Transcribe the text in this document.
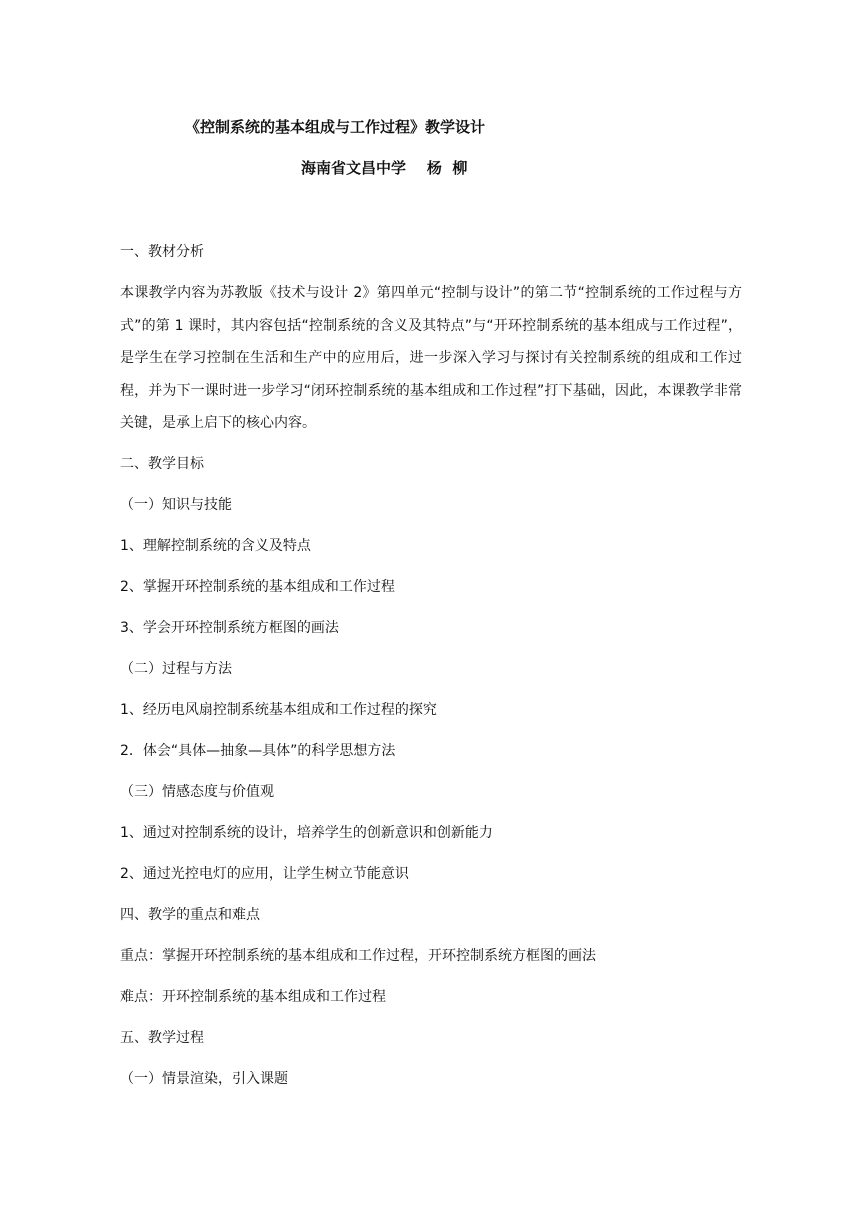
《控制系统的基本组成与工作过程》教学设计
海南省文昌中学    杨  柳
一、教材分析
本课教学内容为苏教版《技术与设计 2》第四单元“控制与设计”的第二节“控制系统的工作过程与方式”的第 1 课时，其内容包括“控制系统的含义及其特点”与“开环控制系统的基本组成与工作过程”，是学生在学习控制在生活和生产中的应用后，进一步深入学习与探讨有关控制系统的组成和工作过程，并为下一课时进一步学习“闭环控制系统的基本组成和工作过程”打下基础，因此，本课教学非常关键，是承上启下的核心内容。
二、教学目标
（一）知识与技能
1、理解控制系统的含义及特点
2、掌握开环控制系统的基本组成和工作过程
3、学会开环控制系统方框图的画法
（二）过程与方法
1、经历电风扇控制系统基本组成和工作过程的探究
2．体会“具体—抽象—具体”的科学思想方法
（三）情感态度与价值观
1、通过对控制系统的设计，培养学生的创新意识和创新能力
2、通过光控电灯的应用，让学生树立节能意识
四、教学的重点和难点
重点：掌握开环控制系统的基本组成和工作过程，开环控制系统方框图的画法
难点：开环控制系统的基本组成和工作过程
五、教学过程
（一）情景渲染，引入课题
